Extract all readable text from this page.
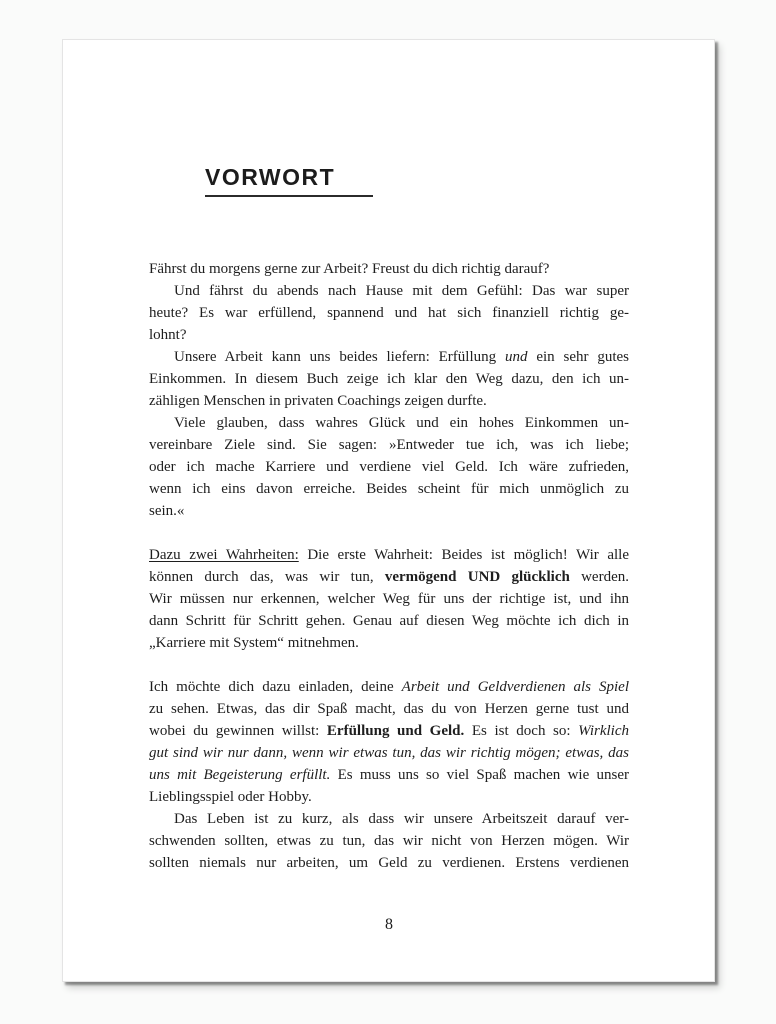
VORWORT
Fährst du morgens gerne zur Arbeit? Freust du dich richtig darauf?
Und fährst du abends nach Hause mit dem Gefühl: Das war super
heute? Es war erfüllend, spannend und hat sich finanziell richtig ge-
lohnt?
Unsere Arbeit kann uns beides liefern: Erfüllung und ein sehr gutes
Einkommen. In diesem Buch zeige ich klar den Weg dazu, den ich un-
zähligen Menschen in privaten Coachings zeigen durfte.
Viele glauben, dass wahres Glück und ein hohes Einkommen un-
vereinbare Ziele sind. Sie sagen: »Entweder tue ich, was ich liebe;
oder ich mache Karriere und verdiene viel Geld. Ich wäre zufrieden,
wenn ich eins davon erreiche. Beides scheint für mich unmöglich zu
sein.«
Dazu zwei Wahrheiten: Die erste Wahrheit: Beides ist möglich! Wir alle
können durch das, was wir tun, vermögend UND glücklich werden.
Wir müssen nur erkennen, welcher Weg für uns der richtige ist, und ihn
dann Schritt für Schritt gehen. Genau auf diesen Weg möchte ich dich in
„Karriere mit System“ mitnehmen.
Ich möchte dich dazu einladen, deine Arbeit und Geldverdienen als Spiel
zu sehen. Etwas, das dir Spaß macht, das du von Herzen gerne tust und
wobei du gewinnen willst: Erfüllung und Geld. Es ist doch so: Wirklich
gut sind wir nur dann, wenn wir etwas tun, das wir richtig mögen; etwas, das
uns mit Begeisterung erfüllt. Es muss uns so viel Spaß machen wie unser
Lieblingsspiel oder Hobby.
Das Leben ist zu kurz, als dass wir unsere Arbeitszeit darauf ver-
schwenden sollten, etwas zu tun, das wir nicht von Herzen mögen. Wir
sollten niemals nur arbeiten, um Geld zu verdienen. Erstens verdienen
8
